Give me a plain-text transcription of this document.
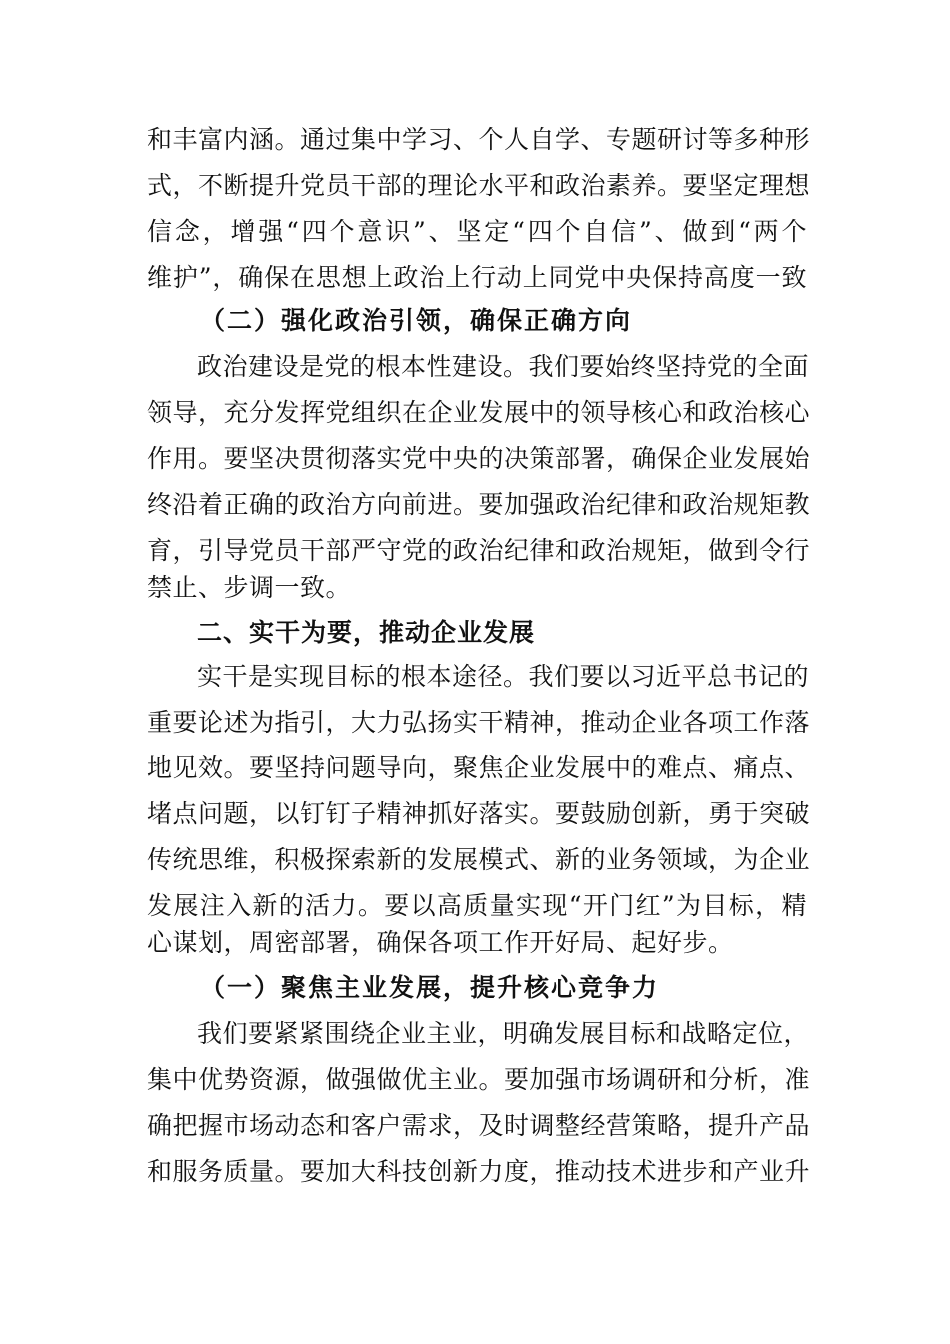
和丰富内涵。通过集中学习、个人自学、专题研讨等多种形
式，不断提升党员干部的理论水平和政治素养。要坚定理想
信念，增强“四个意识”、坚定“四个自信”、做到“两个
维护”，确保在思想上政治上行动上同党中央保持高度一致
（二）强化政治引领，确保正确方向
政治建设是党的根本性建设。我们要始终坚持党的全面
领导，充分发挥党组织在企业发展中的领导核心和政治核心
作用。要坚决贯彻落实党中央的决策部署，确保企业发展始
终沿着正确的政治方向前进。要加强政治纪律和政治规矩教
育，引导党员干部严守党的政治纪律和政治规矩，做到令行
禁止、步调一致。
二、实干为要，推动企业发展
实干是实现目标的根本途径。我们要以习近平总书记的
重要论述为指引，大力弘扬实干精神，推动企业各项工作落
地见效。要坚持问题导向，聚焦企业发展中的难点、痛点、
堵点问题，以钉钉子精神抓好落实。要鼓励创新，勇于突破
传统思维，积极探索新的发展模式、新的业务领域，为企业
发展注入新的活力。要以高质量实现“开门红”为目标，精
心谋划，周密部署，确保各项工作开好局、起好步。
（一）聚焦主业发展，提升核心竞争力
我们要紧紧围绕企业主业，明确发展目标和战略定位，
集中优势资源，做强做优主业。要加强市场调研和分析，准
确把握市场动态和客户需求，及时调整经营策略，提升产品
和服务质量。要加大科技创新力度，推动技术进步和产业升
